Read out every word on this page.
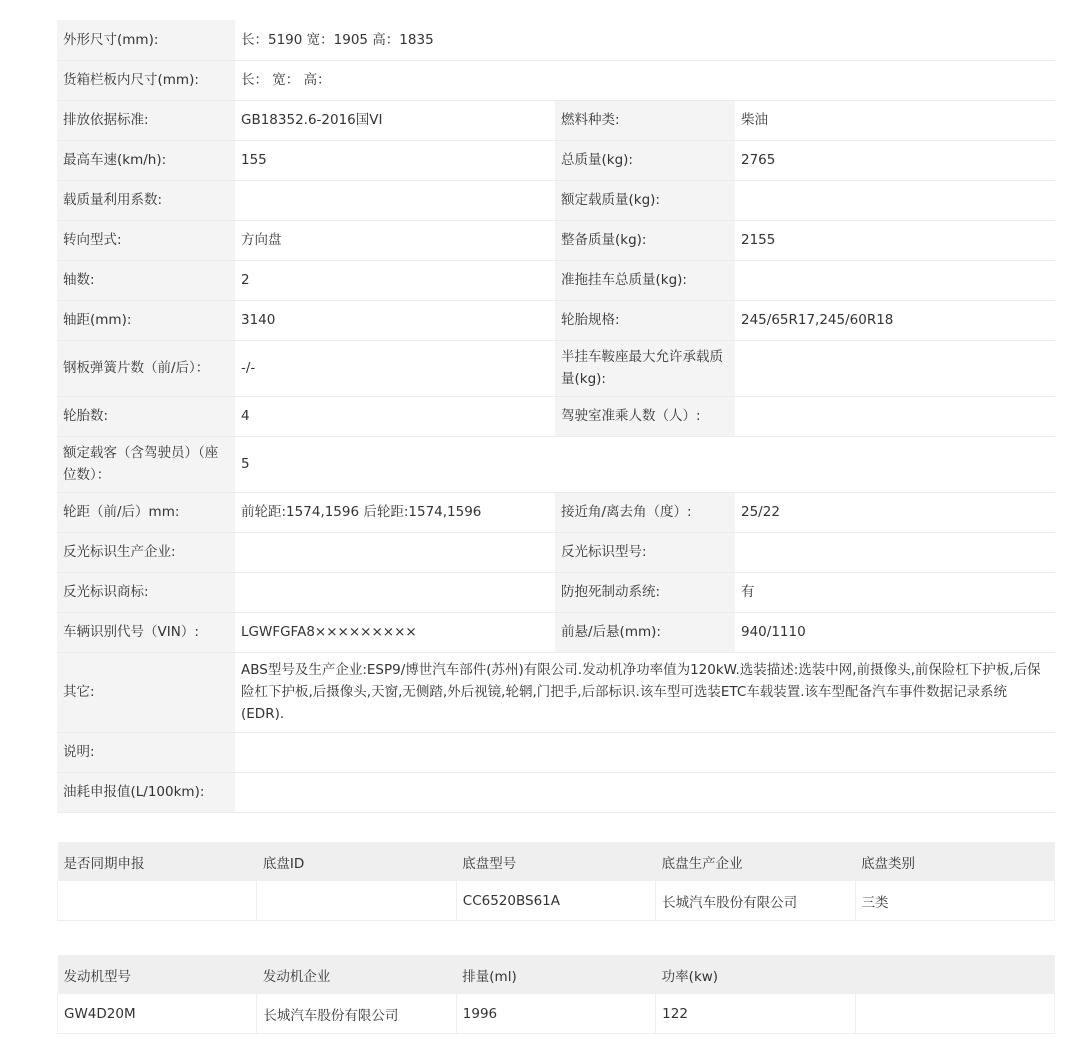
外形尺寸(mm):	长：5190 宽：1905 高：1835		
货箱栏板内尺寸(mm):	长： 宽： 高：		
排放依据标准:	GB18352.6-2016国VI	燃料种类:	柴油
最高车速(km/h):	155	总质量(kg):	2765
载质量利用系数:		额定载质量(kg):	
转向型式:	方向盘	整备质量(kg):	2155
轴数:	2	准拖挂车总质量(kg):	
轴距(mm):	3140	轮胎规格:	245/65R17,245/60R18
钢板弹簧片数（前/后）：	-/-	半挂车鞍座最大允许承载质量(kg):	
轮胎数:	4	驾驶室准乘人数（人）:	
额定载客（含驾驶员）（座位数）：	5		
轮距（前/后）mm:	前轮距:1574,1596 后轮距:1574,1596	接近角/离去角（度）:	25/22
反光标识生产企业:		反光标识型号:	
反光标识商标:		防抱死制动系统:	有
车辆识别代号（VIN）:	LGWFGFA8×××××××××	前悬/后悬(mm):	940/1110
其它:	ABS型号及生产企业:ESP9/博世汽车部件(苏州)有限公司.发动机净功率值为120kW.选装描述:选装中网,前摄像头,前保险杠下护板,后保险杠下护板,后摄像头,天窗,无侧踏,外后视镜,轮辋,门把手,后部标识.该车型可选装ETC车载装置.该车型配备汽车事件数据记录系统(EDR).		
说明:			
油耗申报值(L/100km):			
是否同期申报	底盘ID	底盘型号	底盘生产企业	底盘类别
		CC6520BS61A	长城汽车股份有限公司	三类
发动机型号	发动机企业	排量(ml)	功率(kw)	
GW4D20M	长城汽车股份有限公司	1996	122	
